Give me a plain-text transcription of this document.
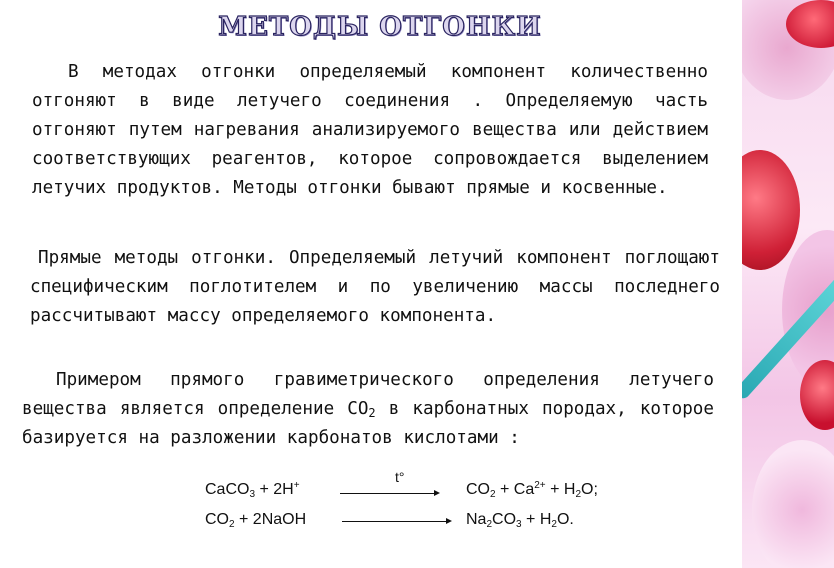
МЕТОДЫ ОТГОНКИ
В методах отгонки определяемый компонент количественно отгоняют в виде летучего соединения . Определяемую часть отгоняют путем нагревания анализируемого вещества или действием соответствующих реагентов, которое сопровождается выделением летучих продуктов. Методы отгонки бывают прямые и косвенные.
Прямые методы отгонки. Определяемый летучий компонент поглощают специфическим поглотителем и по увеличению массы последнего рассчитывают массу определяемого компонента.
Примером прямого гравиметрического определения летучего вещества является определение $CO_2$ в карбонатных породах, которое базируется на разложении карбонатов кислотами :
CaCO$_3$ + 2H+
t°
$CO_2 + Ca^{2+} + H_2O$;
$CO_2$ + 2NaOH	$Na_2CO_3 + H_2O$.
